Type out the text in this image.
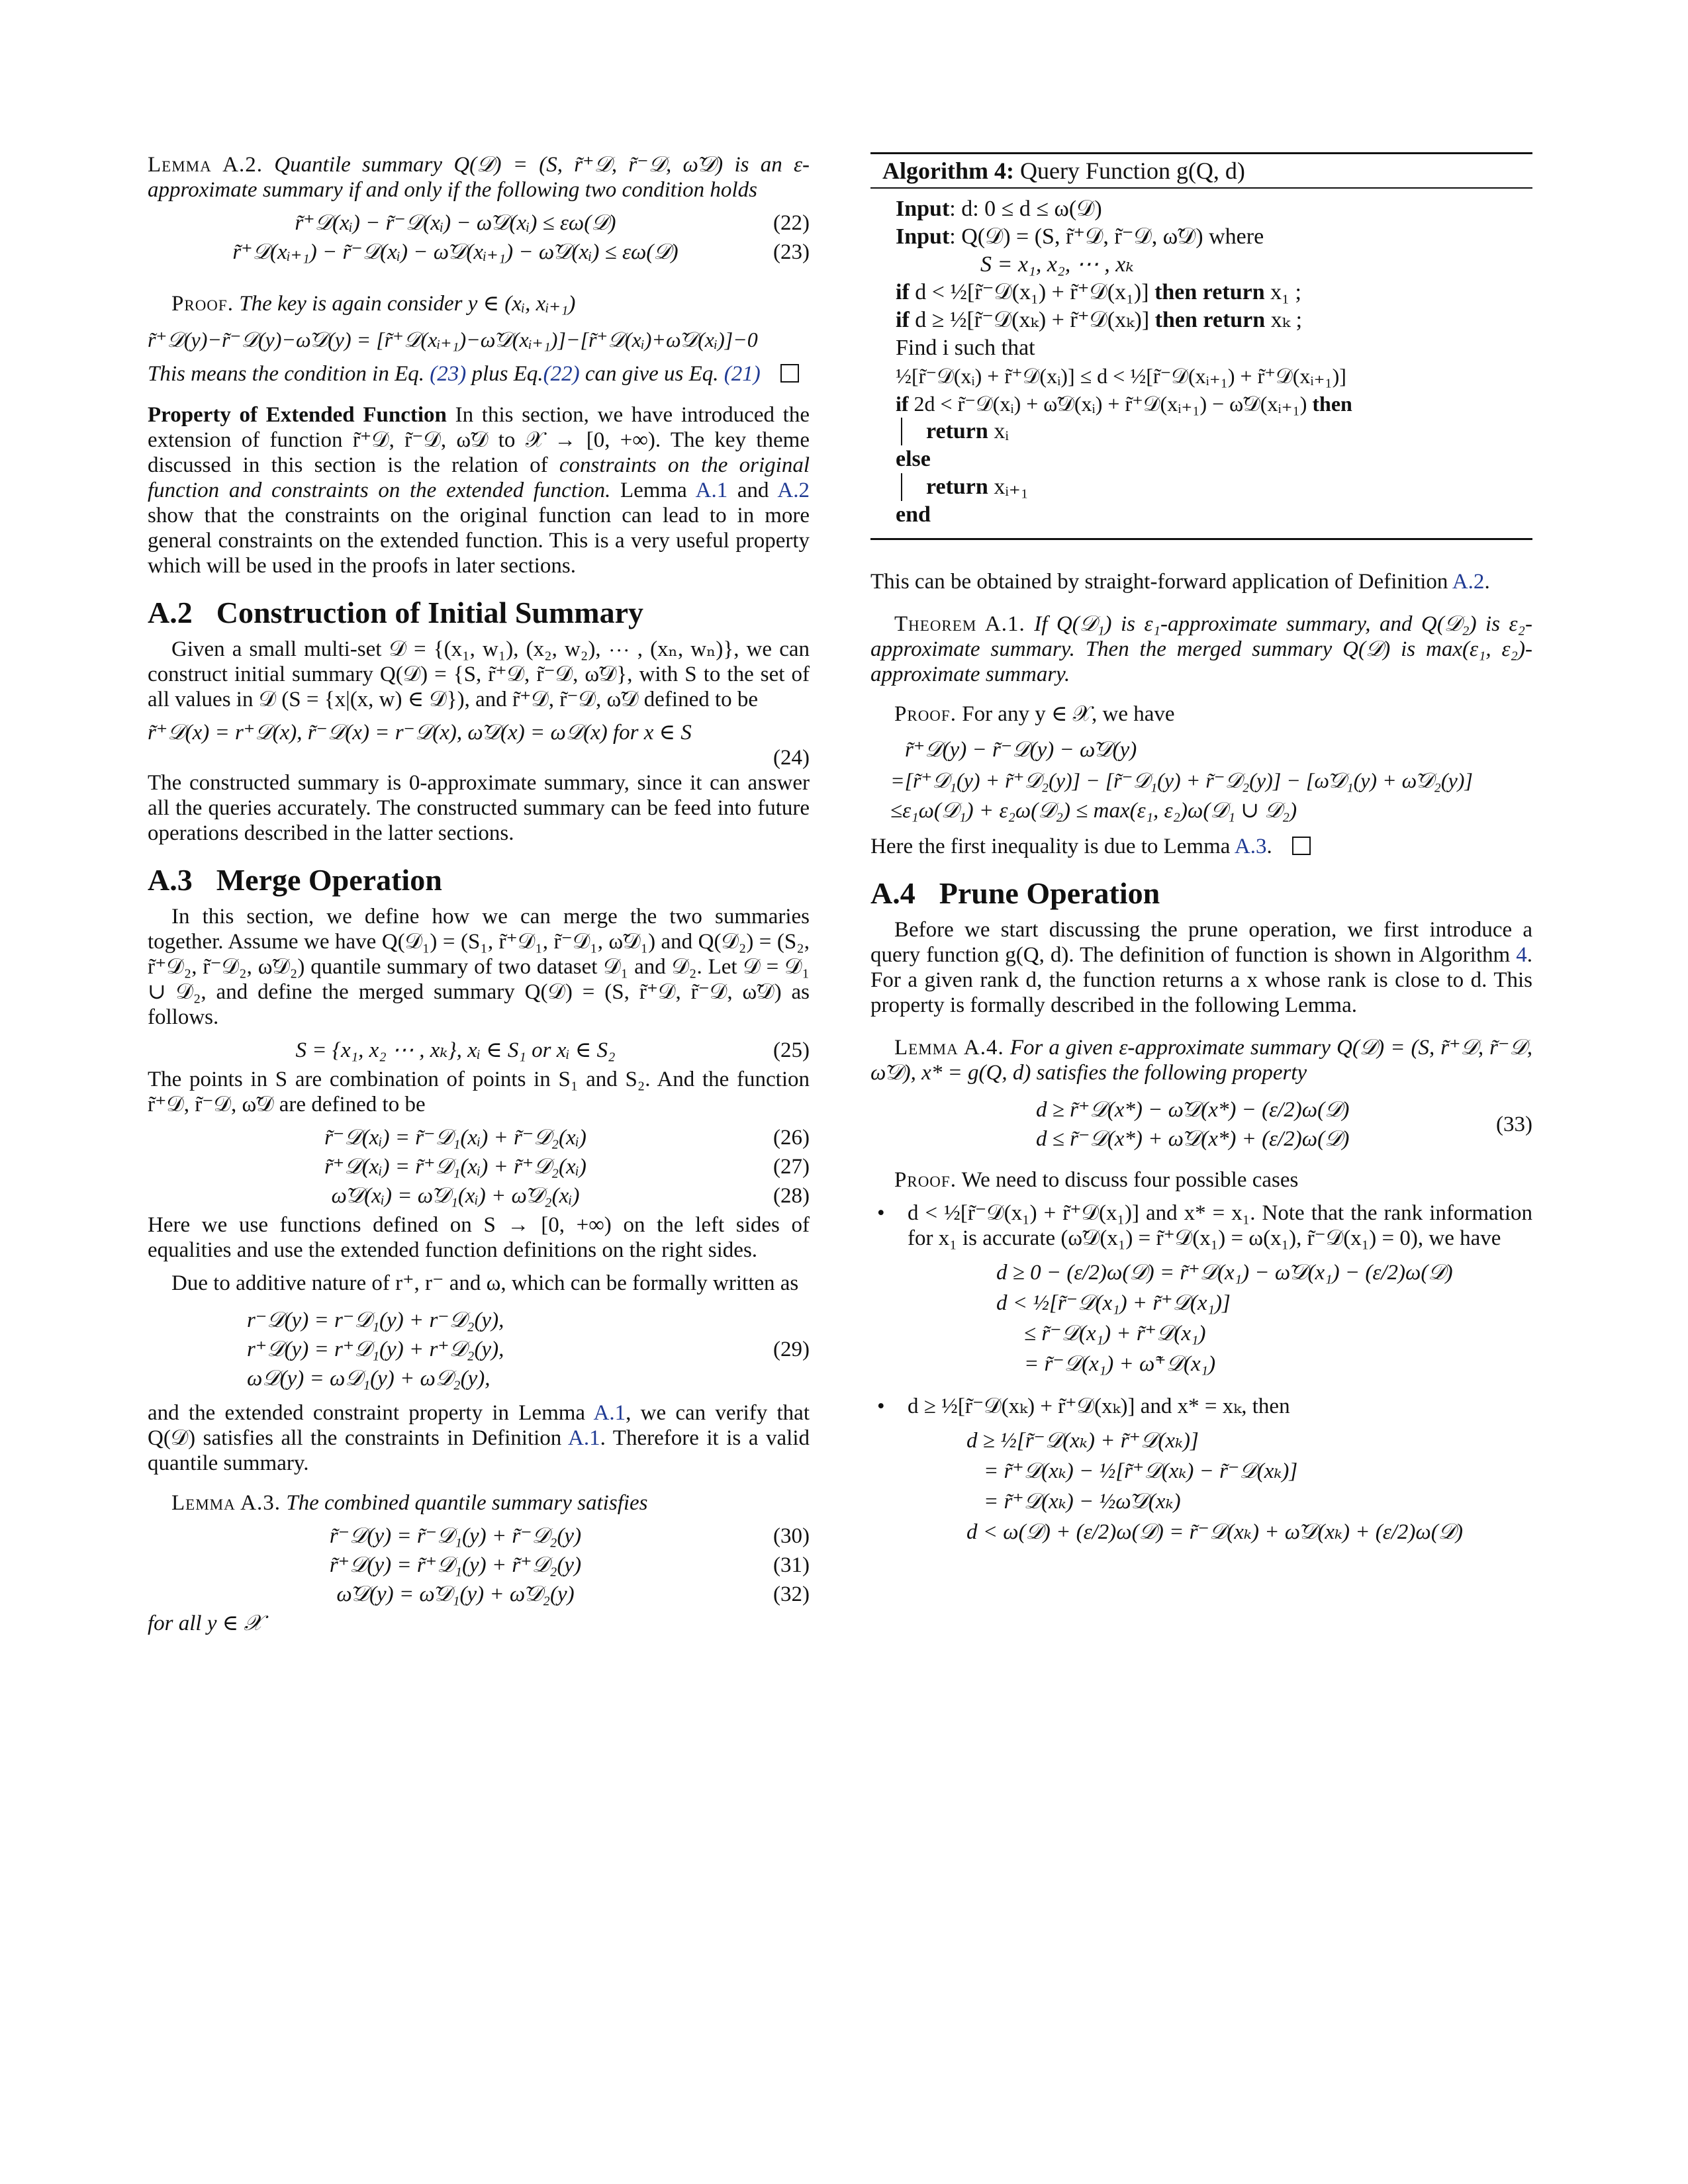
Lemma A.2. Quantile summary Q(𝒟) = (S, r̃⁺𝒟, r̃⁻𝒟, ω̃𝒟) is an ε-approximate summary if and only if the following two condition holds

r̃⁺𝒟(xᵢ) − r̃⁻𝒟(xᵢ) − ω̃𝒟(xᵢ) ≤ εω(𝒟)	(22)
r̃⁺𝒟(xᵢ₊₁) − r̃⁻𝒟(xᵢ) − ω̃𝒟(xᵢ₊₁) − ω̃𝒟(xᵢ) ≤ εω(𝒟)	(23)

Proof. The key is again consider y ∈ (xᵢ, xᵢ₊₁)

r̃⁺𝒟(y)−r̃⁻𝒟(y)−ω̃𝒟(y) = [r̃⁺𝒟(xᵢ₊₁)−ω̃𝒟(xᵢ₊₁)]−[r̃⁺𝒟(xᵢ)+ω̃𝒟(xᵢ)]−0

This means the condition in Eq. (23) plus Eq.(22) can give us Eq. (21)

Property of Extended Function In this section, we have introduced the extension of function r̃⁺𝒟, r̃⁻𝒟, ω̃𝒟 to 𝒳 → [0, +∞). The key theme discussed in this section is the relation of constraints on the original function and constraints on the extended function. Lemma A.1 and A.2 show that the constraints on the original function can lead to in more general constraints on the extended function. This is a very useful property which will be used in the proofs in later sections.

A.2 Construction of Initial Summary

Given a small multi-set 𝒟 = {(x₁, w₁), (x₂, w₂), ⋯ , (xₙ, wₙ)}, we can construct initial summary Q(𝒟) = {S, r̃⁺𝒟, r̃⁻𝒟, ω̃𝒟}, with S to the set of all values in 𝒟 (S = {x|(x, w) ∈ 𝒟}), and r̃⁺𝒟, r̃⁻𝒟, ω̃𝒟 defined to be

r̃⁺𝒟(x) = r⁺𝒟(x), r̃⁻𝒟(x) = r⁻𝒟(x), ω̃𝒟(x) = ω𝒟(x) for x ∈ S
(24)

The constructed summary is 0-approximate summary, since it can answer all the queries accurately. The constructed summary can be feed into future operations described in the latter sections.

A.3 Merge Operation

In this section, we define how we can merge the two summaries together. Assume we have Q(𝒟₁) = (S₁, r̃⁺𝒟₁, r̃⁻𝒟₁, ω̃𝒟₁) and Q(𝒟₂) = (S₂, r̃⁺𝒟₂, r̃⁻𝒟₂, ω̃𝒟₂) quantile summary of two dataset 𝒟₁ and 𝒟₂. Let 𝒟 = 𝒟₁ ∪ 𝒟₂, and define the merged summary Q(𝒟) = (S, r̃⁺𝒟, r̃⁻𝒟, ω̃𝒟) as follows.

S = {x₁, x₂ ⋯ , xₖ}, xᵢ ∈ S₁ or xᵢ ∈ S₂	(25)

The points in S are combination of points in S₁ and S₂. And the function r̃⁺𝒟, r̃⁻𝒟, ω̃𝒟 are defined to be

r̃⁻𝒟(xᵢ) = r̃⁻𝒟₁(xᵢ) + r̃⁻𝒟₂(xᵢ)	(26)
r̃⁺𝒟(xᵢ) = r̃⁺𝒟₁(xᵢ) + r̃⁺𝒟₂(xᵢ)	(27)
ω̃𝒟(xᵢ) = ω̃𝒟₁(xᵢ) + ω̃𝒟₂(xᵢ)	(28)

Here we use functions defined on S → [0, +∞) on the left sides of equalities and use the extended function definitions on the right sides.

Due to additive nature of r⁺, r⁻ and ω, which can be formally written as

r⁻𝒟(y) = r⁻𝒟₁(y) + r⁻𝒟₂(y),
r⁺𝒟(y) = r⁺𝒟₁(y) + r⁺𝒟₂(y),
ω𝒟(y) = ω𝒟₁(y) + ω𝒟₂(y),
(29)

and the extended constraint property in Lemma A.1, we can verify that Q(𝒟) satisfies all the constraints in Definition A.1. Therefore it is a valid quantile summary.

Lemma A.3. The combined quantile summary satisfies

r̃⁻𝒟(y) = r̃⁻𝒟₁(y) + r̃⁻𝒟₂(y)	(30)
r̃⁺𝒟(y) = r̃⁺𝒟₁(y) + r̃⁺𝒟₂(y)	(31)
ω̃𝒟(y) = ω̃𝒟₁(y) + ω̃𝒟₂(y)	(32)

for all y ∈ 𝒳

Algorithm 4: Query Function g(Q, d)
Input: d: 0 ≤ d ≤ ω(𝒟)
Input: Q(𝒟) = (S, r̃⁺𝒟, r̃⁻𝒟, ω̃𝒟) where
S = x₁, x₂, ⋯ , xₖ
if d < ½[r̃⁻𝒟(x₁) + r̃⁺𝒟(x₁)] then return x₁ ;
if d ≥ ½[r̃⁻𝒟(xₖ) + r̃⁺𝒟(xₖ)] then return xₖ ;
Find i such that
½[r̃⁻𝒟(xᵢ) + r̃⁺𝒟(xᵢ)] ≤ d < ½[r̃⁻𝒟(xᵢ₊₁) + r̃⁺𝒟(xᵢ₊₁)]
if 2d < r̃⁻𝒟(xᵢ) + ω̃𝒟(xᵢ) + r̃⁺𝒟(xᵢ₊₁) − ω̃𝒟(xᵢ₊₁) then
return xᵢ
else
return xᵢ₊₁
end

This can be obtained by straight-forward application of Definition A.2.

Theorem A.1. If Q(𝒟₁) is ε₁-approximate summary, and Q(𝒟₂) is ε₂-approximate summary. Then the merged summary Q(𝒟) is max(ε₁, ε₂)-approximate summary.

Proof. For any y ∈ 𝒳, we have

r̃⁺𝒟(y) − r̃⁻𝒟(y) − ω̃𝒟(y)
=[r̃⁺𝒟₁(y) + r̃⁺𝒟₂(y)] − [r̃⁻𝒟₁(y) + r̃⁻𝒟₂(y)] − [ω̃𝒟₁(y) + ω̃𝒟₂(y)]
≤ε₁ω(𝒟₁) + ε₂ω(𝒟₂) ≤ max(ε₁, ε₂)ω(𝒟₁ ∪ 𝒟₂)

Here the first inequality is due to Lemma A.3.

A.4 Prune Operation

Before we start discussing the prune operation, we first introduce a query function g(Q, d). The definition of function is shown in Algorithm 4. For a given rank d, the function returns a x whose rank is close to d. This property is formally described in the following Lemma.

Lemma A.4. For a given ε-approximate summary Q(𝒟) = (S, r̃⁺𝒟, r̃⁻𝒟, ω̃𝒟), x* = g(Q, d) satisfies the following property

d ≥ r̃⁺𝒟(x*) − ω̃𝒟(x*) − (ε/2)ω(𝒟)
d ≤ r̃⁻𝒟(x*) + ω̃𝒟(x*) + (ε/2)ω(𝒟)
(33)

Proof. We need to discuss four possible cases

•	d < ½[r̃⁻𝒟(x₁) + r̃⁺𝒟(x₁)] and x* = x₁. Note that the rank information for x₁ is accurate (ω̃𝒟(x₁) = r̃⁺𝒟(x₁) = ω(x₁), r̃⁻𝒟(x₁) = 0), we have
d ≥ 0 − (ε/2)ω(𝒟) = r̃⁺𝒟(x₁) − ω̃𝒟(x₁) − (ε/2)ω(𝒟)
d < ½[r̃⁻𝒟(x₁) + r̃⁺𝒟(x₁)]
≤ r̃⁻𝒟(x₁) + r̃⁺𝒟(x₁)
= r̃⁻𝒟(x₁) + ω̃⁺𝒟(x₁)
•	d ≥ ½[r̃⁻𝒟(xₖ) + r̃⁺𝒟(xₖ)] and x* = xₖ, then
d ≥ ½[r̃⁻𝒟(xₖ) + r̃⁺𝒟(xₖ)]
= r̃⁺𝒟(xₖ) − ½[r̃⁺𝒟(xₖ) − r̃⁻𝒟(xₖ)]
= r̃⁺𝒟(xₖ) − ½ω̃𝒟(xₖ)
d < ω(𝒟) + (ε/2)ω(𝒟) = r̃⁻𝒟(xₖ) + ω̃𝒟(xₖ) + (ε/2)ω(𝒟)
